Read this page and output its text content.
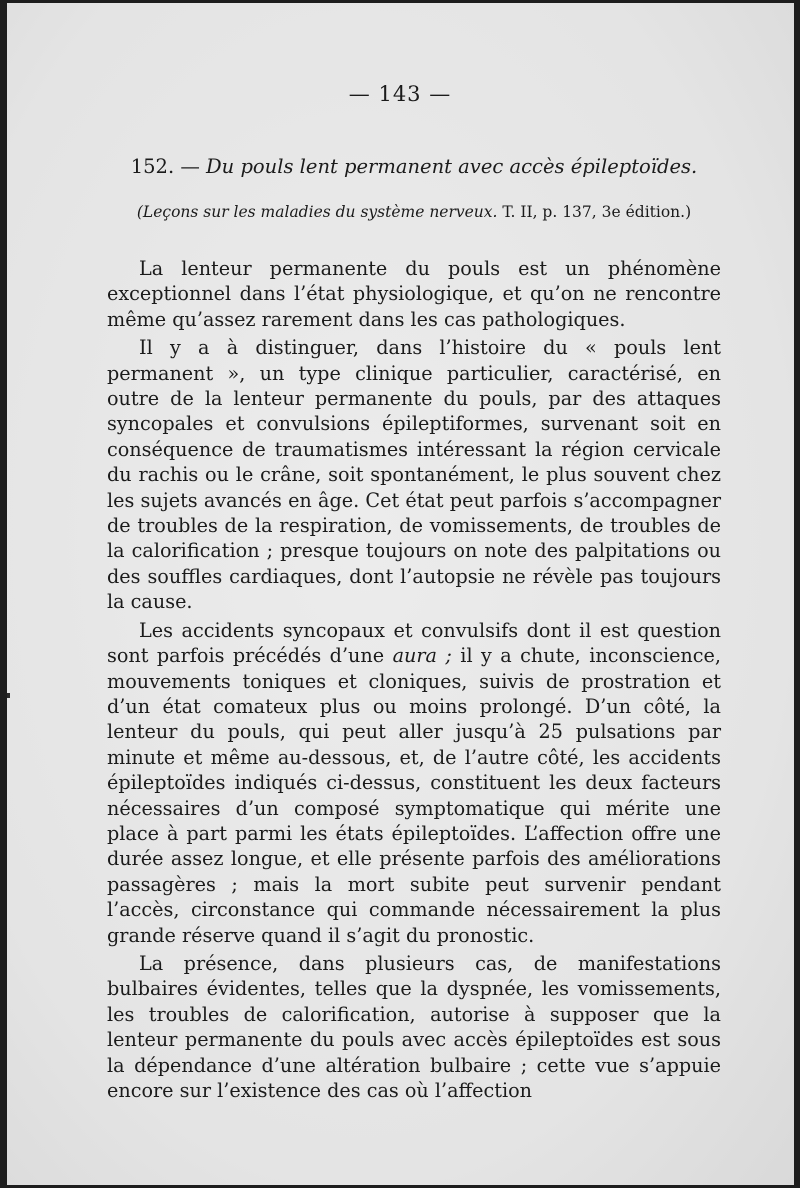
— 143 —
152. — Du pouls lent permanent avec accès épileptoïdes.
(Leçons sur les maladies du système nerveux. T. II, p. 137, 3e édition.)

La lenteur permanente du pouls est un phénomène exceptionnel dans l’état physiologique, et qu’on ne rencontre même qu’assez rarement dans les cas pathologiques.

Il y a à distinguer, dans l’histoire du « pouls lent permanent », un type clinique particulier, caractérisé, en outre de la lenteur permanente du pouls, par des attaques syncopales et convulsions épileptiformes, survenant soit en conséquence de traumatismes intéressant la région cervicale du rachis ou le crâne, soit spontanément, le plus souvent chez les sujets avancés en âge. Cet état peut parfois s’accompagner de troubles de la respiration, de vomissements, de troubles de la calorification ; presque toujours on note des palpitations ou des souffles cardiaques, dont l’autopsie ne révèle pas toujours la cause.

Les accidents syncopaux et convulsifs dont il est question sont parfois précédés d’une aura ; il y a chute, inconscience, mouvements toniques et cloniques, suivis de prostration et d’un état comateux plus ou moins prolongé. D’un côté, la lenteur du pouls, qui peut aller jusqu’à 25 pulsations par minute et même au-dessous, et, de l’autre côté, les accidents épileptoïdes indiqués ci-dessus, constituent les deux facteurs nécessaires d’un composé symptomatique qui mérite une place à part parmi les états épileptoïdes. L’affection offre une durée assez longue, et elle présente parfois des améliorations passagères ; mais la mort subite peut survenir pendant l’accès, circonstance qui commande nécessairement la plus grande réserve quand il s’agit du pronostic.

La présence, dans plusieurs cas, de manifestations bulbaires évidentes, telles que la dyspnée, les vomissements, les troubles de calorification, autorise à supposer que la lenteur permanente du pouls avec accès épileptoïdes est sous la dépendance d’une altération bulbaire ; cette vue s’appuie encore sur l’existence des cas où l’affection
